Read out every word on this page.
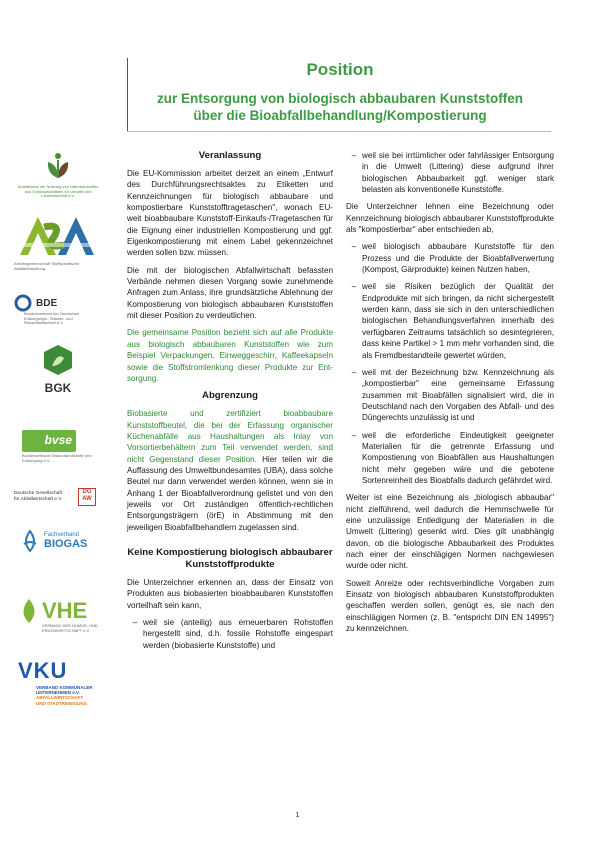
Position
zur Entsorgung von biologisch abbaubaren Kunststoffen
über die Bioabfallbehandlung/Kompostierung
Arbeitskreis der Nutzung von Naturbaustoffen aus Schlüsselabfällen für Umwelt und Landwirtschaft e.V.
Arbeitsgemeinschaft Stoffspezifische Abfallbehandlung
BDE
Bundesverband der Deutschen Entsorgungs-, Wasser- und Rohstoffwirtschaft e.V.
BGK
bvse
Bundesverband Sekundärrohstoffe und Entsorgung e.V.
Deutsche Gesellschaft
für Abfallwirtschaft e.V.
DG AW
Fachverband
BIOGAS
VHE
VERBAND DER HUMUS- UND ERDENWIRTSCHAFT e.V.
VKU
VERBAND KOMMUNALER
UNTERNEHMEN e.V.
ABFALLWIRTSCHAFT
UND STADTREINIGUNG
Veranlassung

Die EU-Kommission arbeitet derzeit an einem „Entwurf des Durchführungsrechtsaktes zu Etiketten und Kennzeichnungen für biologisch abbaubare und kompostierbare Kunststofftragetaschen", wonach EU-weit bioabbaubare Kunststoff-Einkaufs-/Tragetaschen für die Eignung einer industriellen Kompostierung und ggf. Eigenkompostierung mit einem Label gekennzeichnet werden sollen bzw. müssen.

Die mit der biologischen Abfallwirtschaft befassten Verbände nehmen diesen Vorgang sowie zunehmende Anfragen zum Anlass, ihre grundsätzliche Ablehnung der Kompostierung von biologisch abbaubaren Kunststoffen mit dieser Position zu verdeutlichen.

Die gemeinsame Position bezieht sich auf alle Produkte aus biologisch abbaubaren Kunststoffen wie zum Beispiel Verpackungen, Einweggeschirr, Kaffeekapseln sowie die Stoffstromlenkung dieser Produkte zur Entsorgung.

Abgrenzung

Biobasierte und zertifiziert bioabbaubare Kunststoffbeutel, die bei der Erfassung organischer Küchenabfälle aus Haushaltungen als Inlay von Vorsortierbehältern zum Teil verwendet werden, sind nicht Gegenstand dieser Position. Hier teilen wir die Auffassung des Umweltbundesamtes (UBA), dass solche Beutel nur dann verwendet werden können, wenn sie in Anhang 1 der Bioabfallverordnung gelistet und von den jeweils vor Ort zuständigen öffentlich-rechtlichen Entsorgungsträgern (örE) in Abstimmung mit den jeweiligen Bioabfallbehandlern zugelassen sind.

Keine Kompostierung biologisch abbaubarer Kunststoffprodukte

Die Unterzeichner erkennen an, dass der Einsatz von Produkten aus biobasierten bioabbaubaren Kunststoffen vorteilhaft sein kann,

– weil sie (anteilig) aus erneuerbaren Rohstoffen hergestellt sind, d.h. fossile Rohstoffe eingespart werden (biobasierte Kunststoffe) und
– weil sie bei irrtümlicher oder fahrlässiger Entsorgung in die Umwelt (Littering) diese aufgrund ihrer biologischen Abbaubarkeit ggf. weniger stark belasten als konventionelle Kunststoffe.

Die Unterzeichner lehnen eine Bezeichnung oder Kennzeichnung biologisch abbaubarer Kunststoffprodukte als "kompostierbar" aber entschieden ab,

– weil biologisch abbaubare Kunststoffe für den Prozess und die Produkte der Bioabfallverwertung (Kompost, Gärprodukte) keinen Nutzen haben,
– weil sie Risiken bezüglich der Qualität der Endprodukte mit sich bringen, da nicht sichergestellt werden kann, dass sie sich in den unterschiedlichen biologischen Behandlungsverfahren innerhalb des verfügbaren Zeitraums tatsächlich so desintegrieren, dass keine Partikel > 1 mm mehr vorhanden sind, die als Fremdbestandteile gewertet würden,
– weil mit der Bezeichnung bzw. Kennzeichnung als „kompostierbar" eine gemeinsame Erfassung zusammen mit Bioabfällen signalisiert wird, die in Deutschland nach den Vorgaben des Abfall- und des Düngerechts unzulässig ist und
– weil die erforderliche Eindeutigkeit geeigneter Materialien für die getrennte Erfassung und Kompostierung von Bioabfällen aus Haushaltungen nicht mehr gegeben wäre und die gebotene Sortenreinheit des Bioabfalls dadurch gefährdet wird.

Weiter ist eine Bezeichnung als „biologisch abbaubar" nicht zielführend, weil dadurch die Hemmschwelle für eine unzulässige Entledigung der Materialien in die Umwelt (Littering) gesenkt wird. Dies gilt unabhängig davon, ob die biologische Abbaubarkeit des Produktes nach einer der einschlägigen Normen nachgewiesen wurde oder nicht.

Soweit Anreize oder rechtsverbindliche Vorgaben zum Einsatz von biologisch abbaubaren Kunststoffprodukten geschaffen werden sollen, genügt es, sie nach den einschlägigen Normen (z. B. "entspricht DIN EN 14995") zu kennzeichnen.

1
